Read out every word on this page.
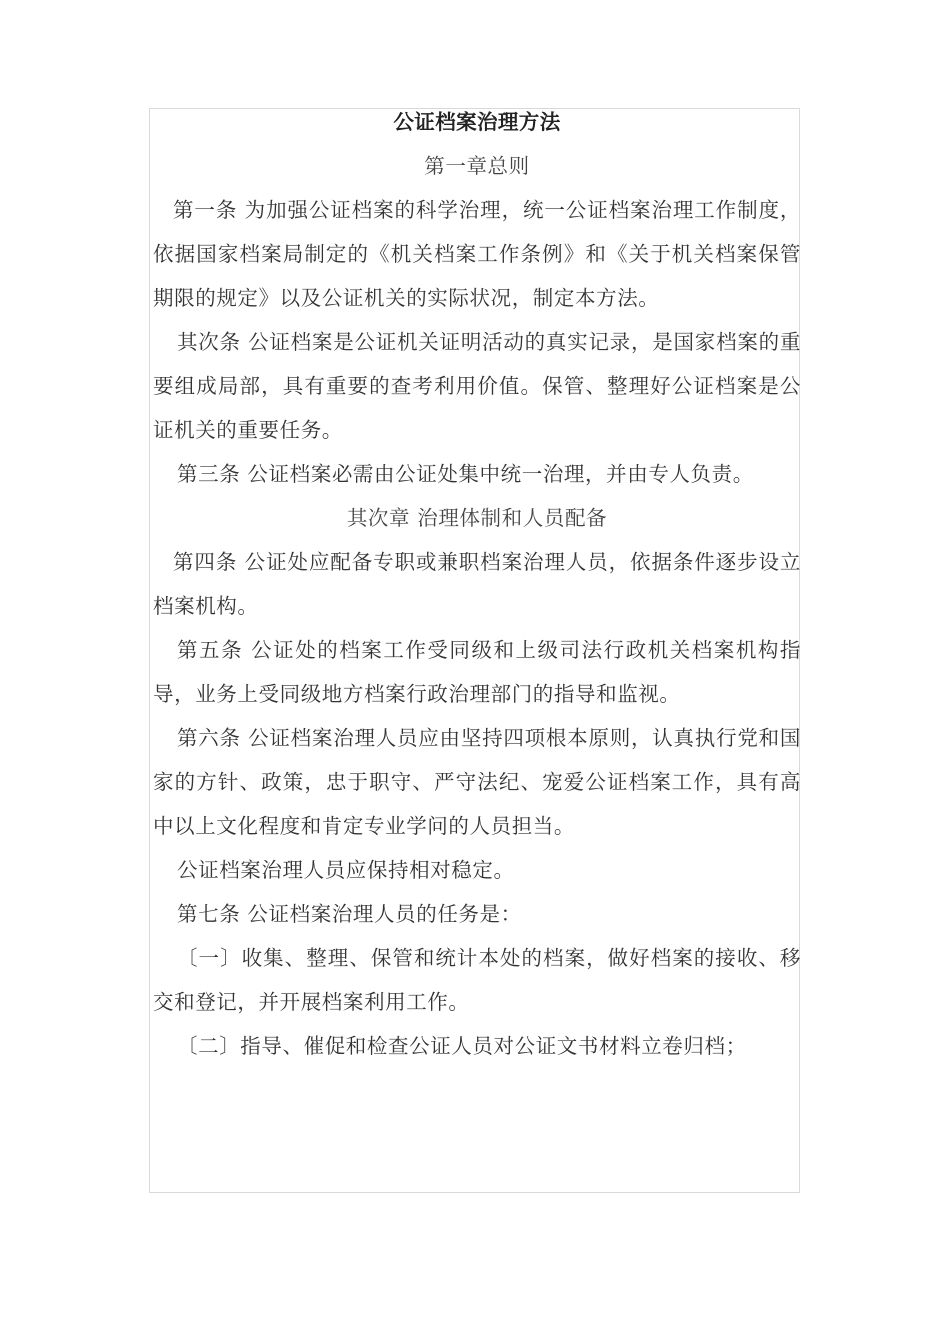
公证档案治理方法

第一章总则

第一条 为加强公证档案的科学治理，统一公证档案治理工作制度，依据国家档案局制定的《机关档案工作条例》和《关于机关档案保管期限的规定》以及公证机关的实际状况，制定本方法。

其次条 公证档案是公证机关证明活动的真实记录，是国家档案的重要组成局部，具有重要的查考利用价值。保管、整理好公证档案是公证机关的重要任务。

第三条 公证档案必需由公证处集中统一治理，并由专人负责。

其次章 治理体制和人员配备

第四条 公证处应配备专职或兼职档案治理人员，依据条件逐步设立档案机构。

第五条 公证处的档案工作受同级和上级司法行政机关档案机构指导，业务上受同级地方档案行政治理部门的指导和监视。

第六条 公证档案治理人员应由坚持四项根本原则，认真执行党和国家的方针、政策，忠于职守、严守法纪、宠爱公证档案工作，具有高中以上文化程度和肯定专业学问的人员担当。

公证档案治理人员应保持相对稳定。

第七条 公证档案治理人员的任务是：

〔一〕收集、整理、保管和统计本处的档案，做好档案的接收、移交和登记，并开展档案利用工作。

〔二〕指导、催促和检查公证人员对公证文书材料立卷归档；
